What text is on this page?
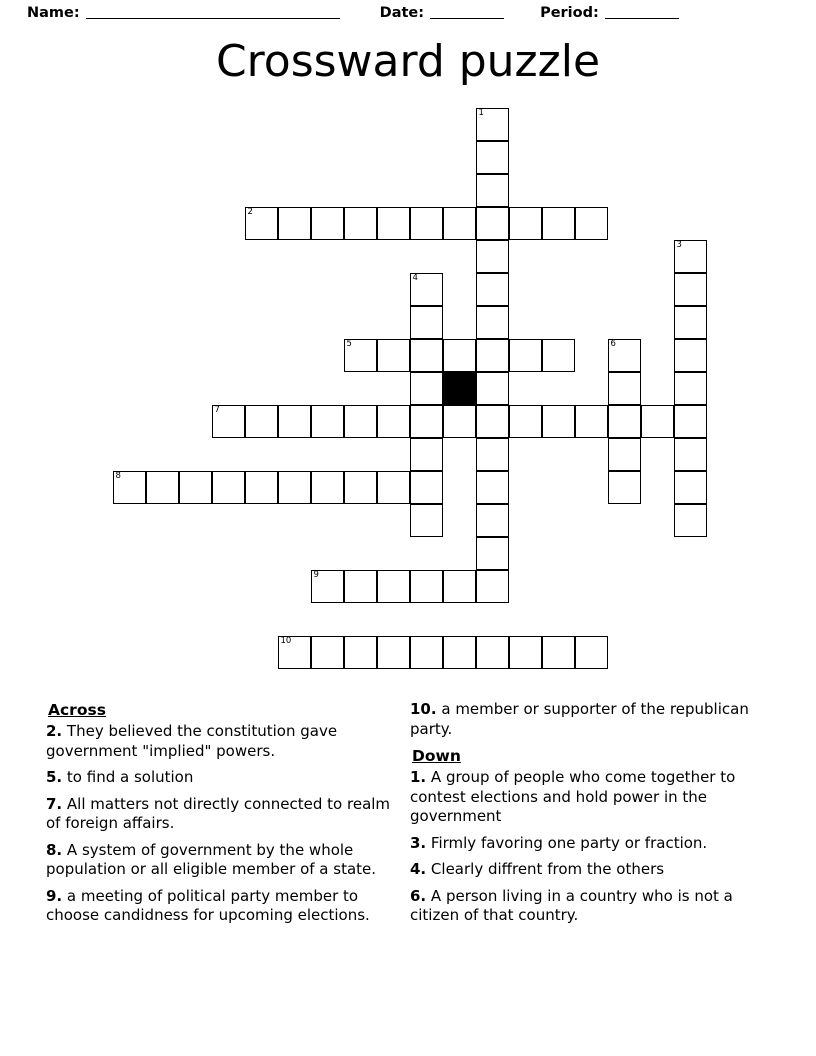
Name:	Date:	Period:
Crossward puzzle
1
2
3
4
5	6
7
8
9
10
Across

2. They believed the constitution gave government "implied" powers.

5. to find a solution

7. All matters not directly connected to realm of foreign affairs.

8. A system of government by the whole population or all eligible member of a state.

9. a meeting of political party member to choose candidness for upcoming elections.

10. a member or supporter of the republican party.

Down

1. A group of people who come together to contest elections and hold power in the government

3. Firmly favoring one party or fraction.

4. Clearly diffrent from the others

6. A person living in a country who is not a citizen of that country.
